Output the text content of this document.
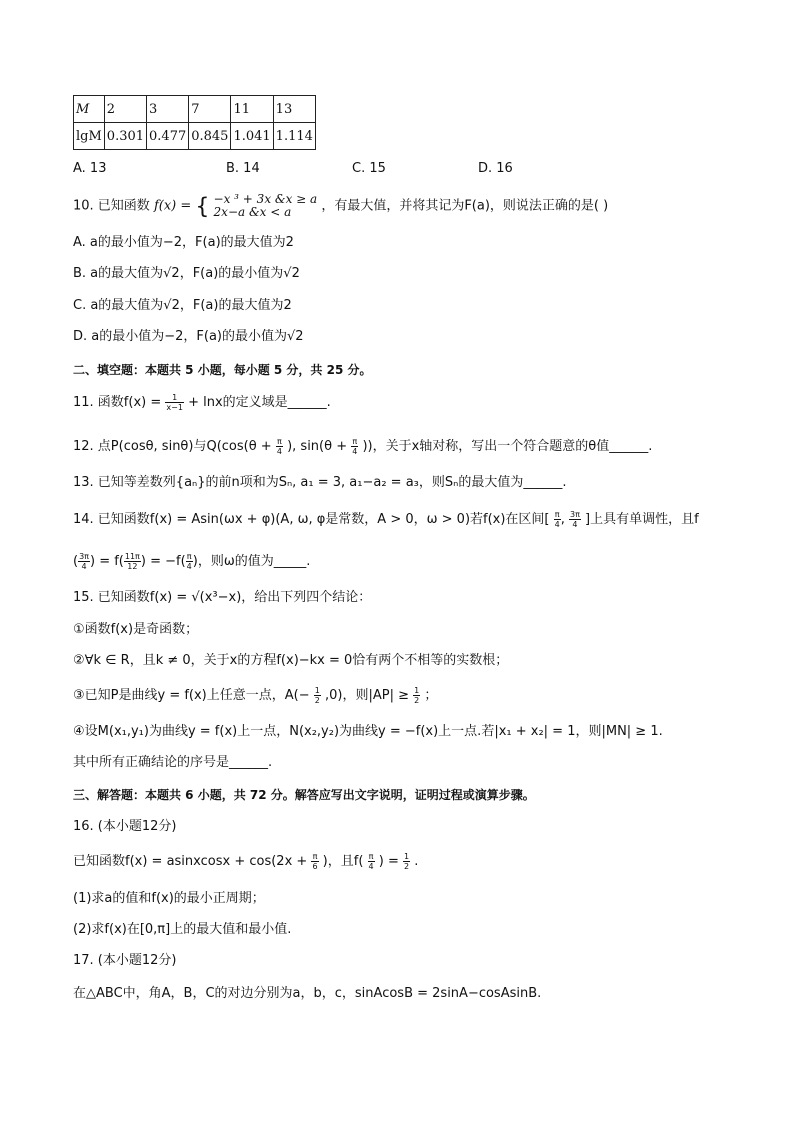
M	2	3	7	11	13
lgM	0.301	0.477	0.845	1.041	1.114
A. 13	B. 14	C. 15	D. 16
10. 已知函数 f(x) = { −x ³ + 3x &x ≥ a
2x−a &x < a	，有最大值，并将其记为F(a)，则说法正确的是( )
A. a的最小值为−2，F(a)的最大值为2
B. a的最大值为√2，F(a)的最小值为√2
C. a的最大值为√2，F(a)的最大值为2
D. a的最小值为−2，F(a)的最小值为√2
二、填空题：本题共 5 小题，每小题 5 分，共 25 分。
11. 函数$f(x) = \frac{1}{x-1} + \ln x$的定义域是______.
12. 点P(cosθ, sinθ)与$Q(\cos(\theta + \frac{\pi}{4}$ ), $\sin(\theta + \frac{\pi}{4}$ ))，关于x轴对称，写出一个符合题意的θ值______.
13. 已知等差数列{aₙ}的前n项和为Sₙ, a₁ = 3, a₁−a₂ = a₃，则Sₙ的最大值为______.
14. 已知函数f(x) = Asin(ωx + φ)(A, ω, φ是常数，A > 0，ω > 0)若f(x)在区间[ $\frac{\pi}{4}$ , $\frac{3\pi}{4}$ ]上具有单调性，且f
( $\frac{3\pi}{4}$ ) = $f( \frac{11\pi}{12}$ ) = $-f( \frac{\pi}{4}$ )，则ω的值为_____.
15. 已知函数f(x) = √(x³−x)，给出下列四个结论：
①函数f(x)是奇函数；
②∀k ∈ R，且k ≠ 0，关于x的方程f(x)−kx = 0恰有两个不相等的实数根；
③已知P是曲线y = f(x)上任意一点，$A(- \frac{1}{2} ,0)$，则$|AP| \ge \frac{1}{2}$ ；
④设M(x₁,y₁)为曲线y = f(x)上一点，N(x₂,y₂)为曲线y = −f(x)上一点.若|x₁ + x₂| = 1，则|MN| ≥ 1.
其中所有正确结论的序号是______.
三、解答题：本题共 6 小题，共 72 分。解答应写出文字说明，证明过程或演算步骤。
16. (本小题12分)
已知函数f(x) = asinxcosx + $\cos(2x + \frac{\pi}{6}$ )，且$f( \frac{\pi}{4}$ ) = $\frac{1}{2}$ .
(1)求a的值和f(x)的最小正周期；
(2)求f(x)在[0,π]上的最大值和最小值.
17. (本小题12分)
在△ABC中，角A，B，C的对边分别为a，b，c，sinAcosB = 2sinA−cosAsinB.
